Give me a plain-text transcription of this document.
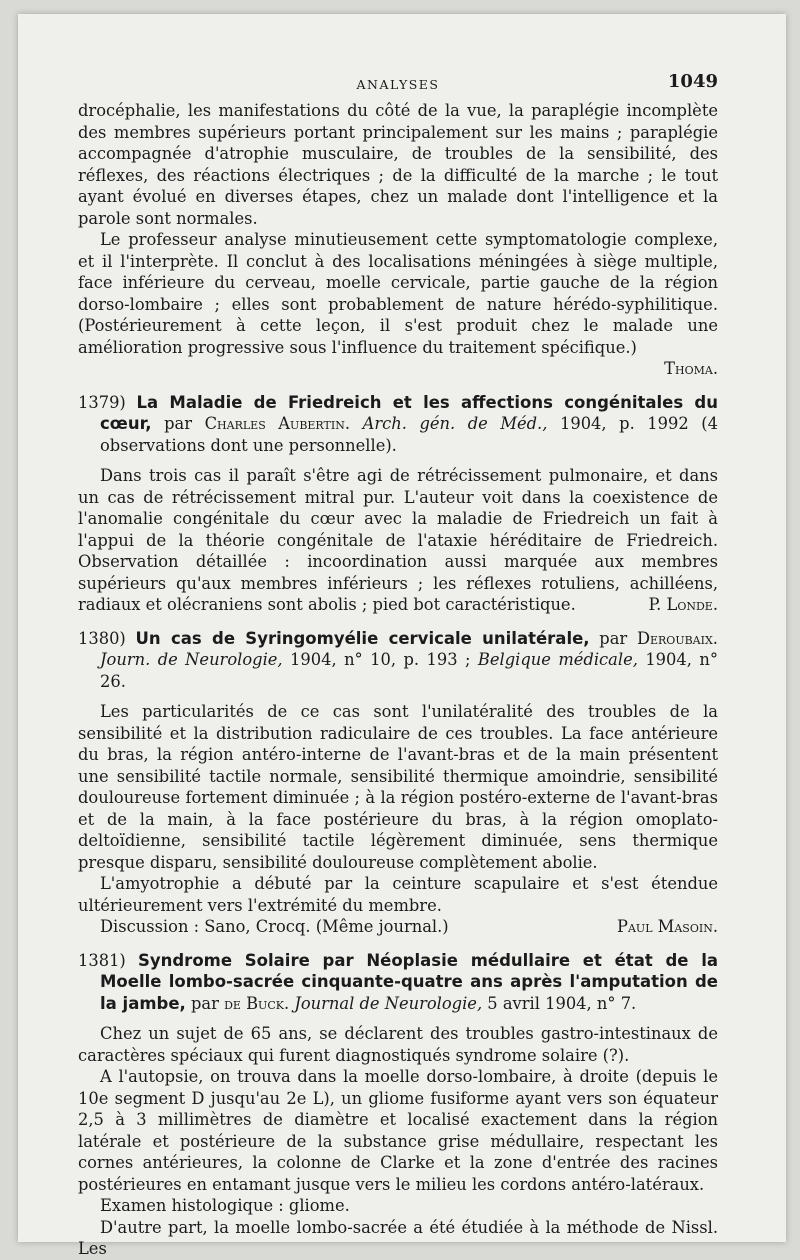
ANALYSES	1049

drocéphalie, les manifestations du côté de la vue, la paraplégie incomplète des membres supérieurs portant principalement sur les mains ; paraplégie accompagnée d'atrophie musculaire, de troubles de la sensibilité, des réflexes, des réactions électriques ; de la difficulté de la marche ; le tout ayant évolué en diverses étapes, chez un malade dont l'intelligence et la parole sont normales.

Le professeur analyse minutieusement cette symptomatologie complexe, et il l'interprète. Il conclut à des localisations méningées à siège multiple, face inférieure du cerveau, moelle cervicale, partie gauche de la région dorso-lombaire ; elles sont probablement de nature hérédo-syphilitique. (Postérieurement à cette leçon, il s'est produit chez le malade une amélioration progressive sous l'influence du traitement spécifique.)
Thoma.

1379) La Maladie de Friedreich et les affections congénitales du cœur, par Charles Aubertin. Arch. gén. de Méd., 1904, p. 1992 (4 observations dont une personnelle).

Dans trois cas il paraît s'être agi de rétrécissement pulmonaire, et dans un cas de rétrécissement mitral pur. L'auteur voit dans la coexistence de l'anomalie congénitale du cœur avec la maladie de Friedreich un fait à l'appui de la théorie congénitale de l'ataxie héréditaire de Friedreich. Observation détaillée : incoordination aussi marquée aux membres supérieurs qu'aux membres inférieurs ; les réflexes rotuliens, achilléens, radiaux et olécraniens sont abolis ; pied bot caractéristique.	P. Londe.

1380) Un cas de Syringomyélie cervicale unilatérale, par Deroubaix. Journ. de Neurologie, 1904, n° 10, p. 193 ; Belgique médicale, 1904, n° 26.

Les particularités de ce cas sont l'unilatéralité des troubles de la sensibilité et la distribution radiculaire de ces troubles. La face antérieure du bras, la région antéro-interne de l'avant-bras et de la main présentent une sensibilité tactile normale, sensibilité thermique amoindrie, sensibilité douloureuse fortement diminuée ; à la région postéro-externe de l'avant-bras et de la main, à la face postérieure du bras, à la région omoplato-deltoïdienne, sensibilité tactile légèrement diminuée, sens thermique presque disparu, sensibilité douloureuse complètement abolie.

L'amyotrophie a débuté par la ceinture scapulaire et s'est étendue ultérieurement vers l'extrémité du membre.

Discussion : Sano, Crocq. (Même journal.)	Paul Masoin.

1381) Syndrome Solaire par Néoplasie médullaire et état de la Moelle lombo-sacrée cinquante-quatre ans après l'amputation de la jambe, par de Buck. Journal de Neurologie, 5 avril 1904, n° 7.

Chez un sujet de 65 ans, se déclarent des troubles gastro-intestinaux de caractères spéciaux qui furent diagnostiqués syndrome solaire (?).

A l'autopsie, on trouva dans la moelle dorso-lombaire, à droite (depuis le 10e segment D jusqu'au 2e L), un gliome fusiforme ayant vers son équateur 2,5 à 3 millimètres de diamètre et localisé exactement dans la région latérale et postérieure de la substance grise médullaire, respectant les cornes antérieures, la colonne de Clarke et la zone d'entrée des racines postérieures en entamant jusque vers le milieu les cordons antéro-latéraux.

Examen histologique : gliome.

D'autre part, la moelle lombo-sacrée a été étudiée à la méthode de Nissl. Les
